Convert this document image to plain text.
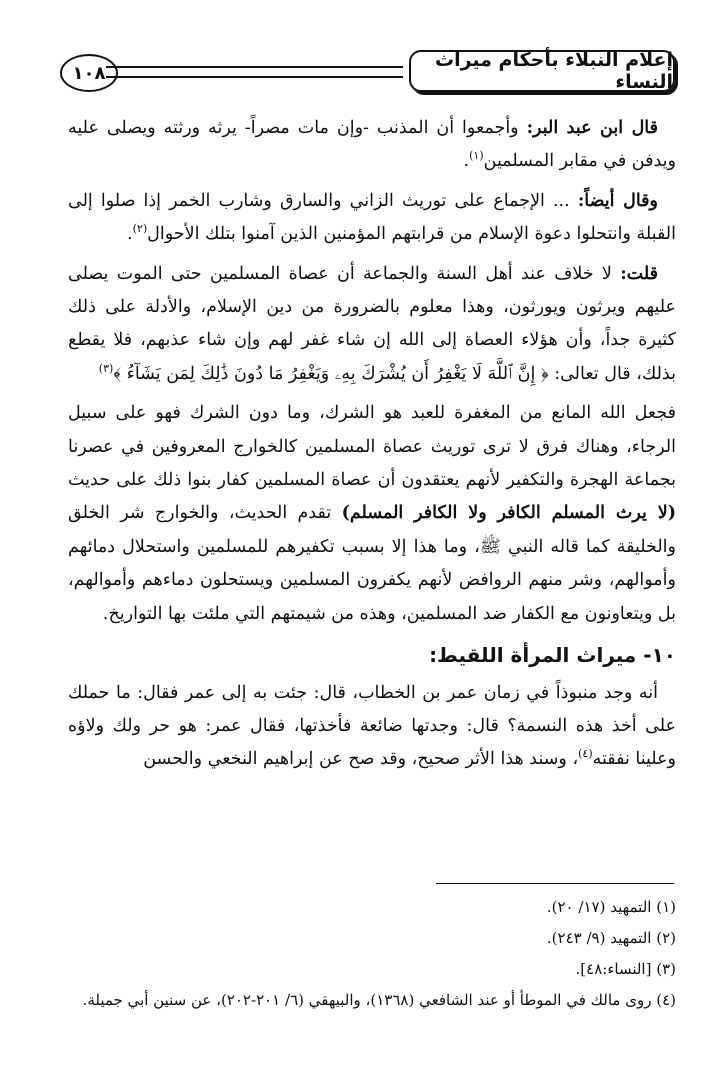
١٠٨
إعلام النبلاء بأحكام ميراث النساء

قال ابن عبد البر: وأجمعوا أن المذنب -وإن مات مصراً- يرثه ورثته ويصلى عليه ويدفن في مقابر المسلمين$^{(١)}$.

وقال أيضاً: ... الإجماع على توريث الزاني والسارق وشارب الخمر إذا صلوا إلى القبلة وانتحلوا دعوة الإسلام من قرابتهم المؤمنين الذين آمنوا بتلك الأحوال$^{(٢)}$.

قلت: لا خلاف عند أهل السنة والجماعة أن عصاة المسلمين حتى الموت يصلى عليهم ويرثون ويورثون، وهذا معلوم بالضرورة من دين الإسلام، والأدلة على ذلك كثيرة جداً، وأن هؤلاء العصاة إلى الله إن شاء غفر لهم وإن شاء عذبهم، فلا يقطع بذلك، قال تعالى: ﴿ إِنَّ ٱللَّهَ لَا يَغْفِرُ أَن يُشْرَكَ بِهِۦ وَيَغْفِرُ مَا دُونَ ذَٰلِكَ لِمَن يَشَآءُ ﴾$^{(٣)}$

فجعل الله المانع من المغفرة للعبد هو الشرك، وما دون الشرك فهو على سبيل الرجاء، وهناك فرق لا ترى توريث عصاة المسلمين كالخوارج المعروفين في عصرنا بجماعة الهجرة والتكفير لأنهم يعتقدون أن عصاة المسلمين كفار بنوا ذلك على حديث (لا يرث المسلم الكافر ولا الكافر المسلم) تقدم الحديث، والخوارج شر الخلق والخليقة كما قاله النبي ﷺ، وما هذا إلا بسبب تكفيرهم للمسلمين واستحلال دمائهم وأموالهم، وشر منهم الروافض لأنهم يكفرون المسلمين ويستحلون دماءهم وأموالهم، بل ويتعاونون مع الكفار ضد المسلمين، وهذه من شيمتهم التي ملئت بها التواريخ.

١٠- ميراث المرأة اللقيط:

أنه وجد منبوذاً في زمان عمر بن الخطاب، قال: جئت به إلى عمر فقال: ما حملك على أخذ هذه النسمة؟ قال: وجدتها ضائعة فأخذتها، فقال عمر: هو حر ولك ولاؤه وعلينا نفقته$^{(٤)}$، وسند هذا الأثر صحيح، وقد صح عن إبراهيم النخعي والحسن

(١) التمهيد (١٧/ ٢٠).
(٢) التمهيد (٩/ ٢٤٣).
(٣) [النساء:٤٨].
(٤) روى مالك في الموطأ أو عند الشافعي (١٣٦٨)، والبيهقي (٦/ ٢٠١-٢٠٢)، عن سنين أبي جميلة.
